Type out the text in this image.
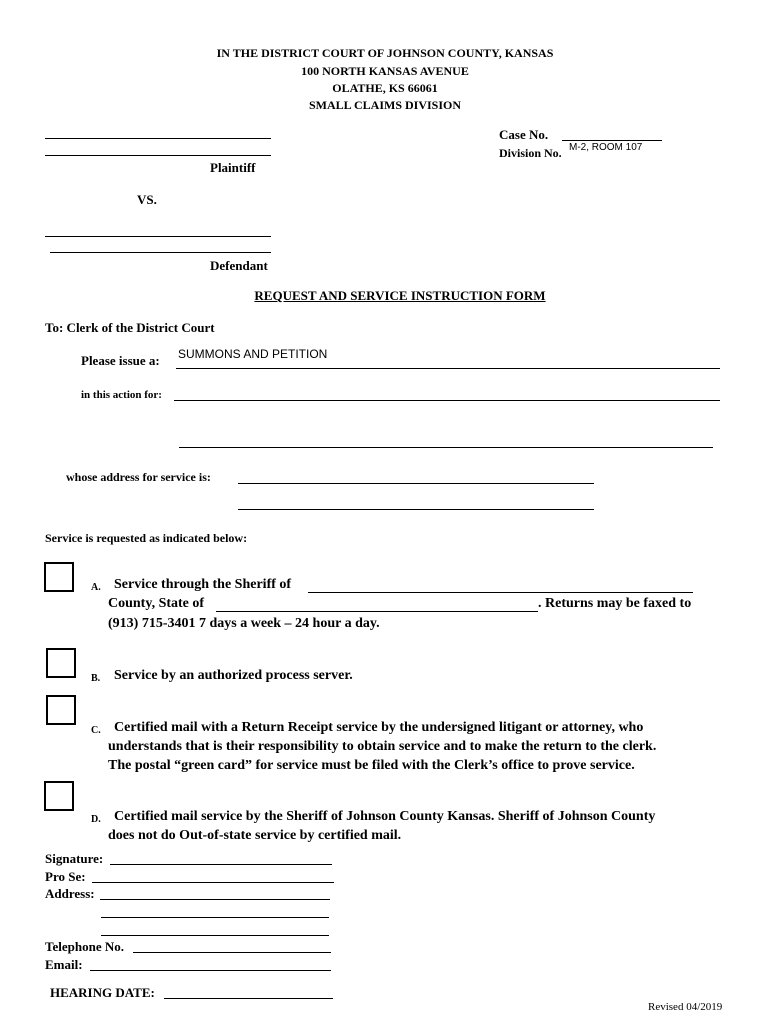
IN THE DISTRICT COURT OF JOHNSON COUNTY, KANSAS
100 NORTH KANSAS AVENUE
OLATHE, KS 66061
SMALL CLAIMS DIVISION
Plaintiff
VS.
Defendant
Case No.
Division No. M-2, ROOM 107
REQUEST AND SERVICE INSTRUCTION FORM
To: Clerk of the District Court
Please issue a: SUMMONS AND PETITION
in this action for:
whose address for service is:
Service is requested as indicated below:
A. Service through the Sheriff of
County, State of	. Returns may be faxed to
(913) 715-3401 7 days a week – 24 hour a day.
B. Service by an authorized process server.
C. Certified mail with a Return Receipt service by the undersigned litigant or attorney, who
understands that is their responsibility to obtain service and to make the return to the clerk.
The postal “green card” for service must be filed with the Clerk’s office to prove service.
D. Certified mail service by the Sheriff of Johnson County Kansas. Sheriff of Johnson County
does not do Out-of-state service by certified mail.
Signature:
Pro Se:
Address:
Telephone No.
Email:
HEARING DATE:
Revised 04/2019
